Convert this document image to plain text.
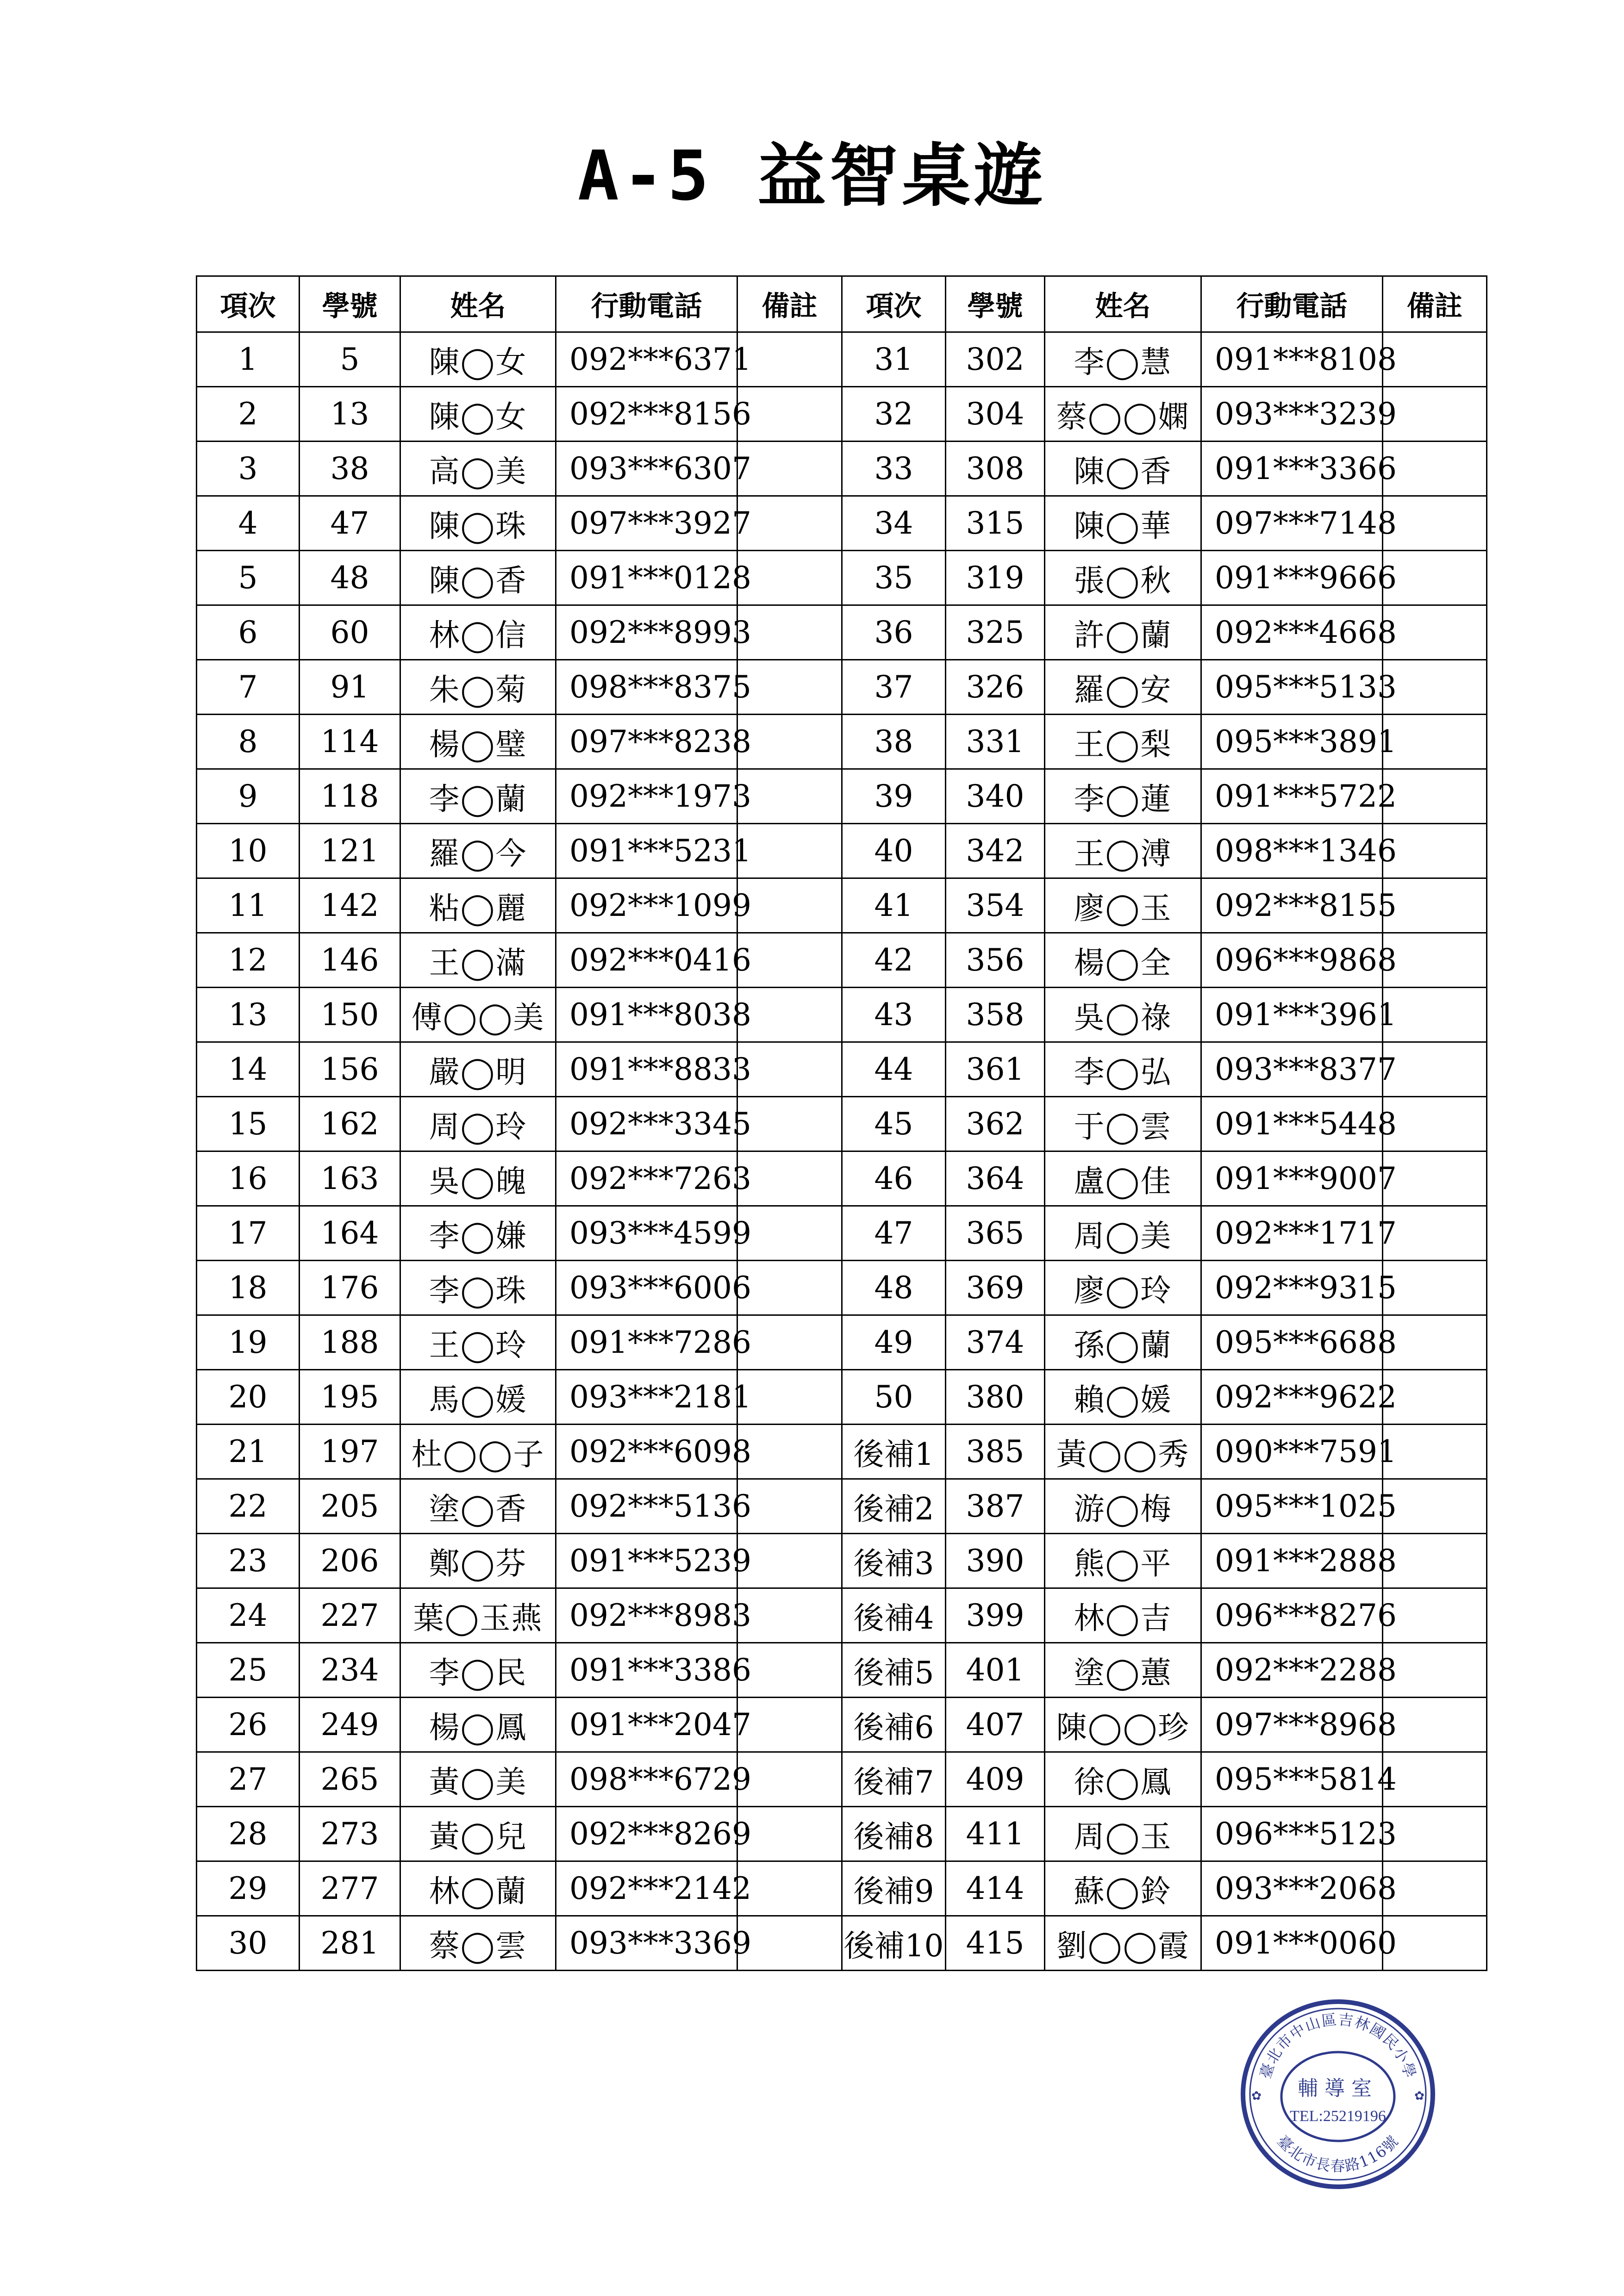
A-5 益智桌遊
項次	學號	姓名	行動電話	備註	項次	學號	姓名	行動電話	備註
1	5	陳◯女	092***6371		31	302	李◯慧	091***8108	
2	13	陳◯女	092***8156		32	304	蔡◯◯嫻	093***3239	
3	38	高◯美	093***6307		33	308	陳◯香	091***3366	
4	47	陳◯珠	097***3927		34	315	陳◯華	097***7148	
5	48	陳◯香	091***0128		35	319	張◯秋	091***9666	
6	60	林◯信	092***8993		36	325	許◯蘭	092***4668	
7	91	朱◯菊	098***8375		37	326	羅◯安	095***5133	
8	114	楊◯璧	097***8238		38	331	王◯梨	095***3891	
9	118	李◯蘭	092***1973		39	340	李◯蓮	091***5722	
10	121	羅◯今	091***5231		40	342	王◯溥	098***1346	
11	142	粘◯麗	092***1099		41	354	廖◯玉	092***8155	
12	146	王◯滿	092***0416		42	356	楊◯全	096***9868	
13	150	傅◯◯美	091***8038		43	358	吳◯祿	091***3961	
14	156	嚴◯明	091***8833		44	361	李◯弘	093***8377	
15	162	周◯玲	092***3345		45	362	于◯雲	091***5448	
16	163	吳◯魄	092***7263		46	364	盧◯佳	091***9007	
17	164	李◯嫌	093***4599		47	365	周◯美	092***1717	
18	176	李◯珠	093***6006		48	369	廖◯玲	092***9315	
19	188	王◯玲	091***7286		49	374	孫◯蘭	095***6688	
20	195	馬◯媛	093***2181		50	380	賴◯媛	092***9622	
21	197	杜◯◯子	092***6098		後補1	385	黃◯◯秀	090***7591	
22	205	塗◯香	092***5136		後補2	387	游◯梅	095***1025	
23	206	鄭◯芬	091***5239		後補3	390	熊◯平	091***2888	
24	227	葉◯玉燕	092***8983		後補4	399	林◯吉	096***8276	
25	234	李◯民	091***3386		後補5	401	塗◯蕙	092***2288	
26	249	楊◯鳳	091***2047		後補6	407	陳◯◯珍	097***8968	
27	265	黃◯美	098***6729		後補7	409	徐◯鳳	095***5814	
28	273	黃◯兒	092***8269		後補8	411	周◯玉	096***5123	
29	277	林◯蘭	092***2142		後補9	414	蘇◯鈴	093***2068	
30	281	蔡◯雲	093***3369		後補10	415	劉◯◯霞	091***0060	
臺北市中山區吉林國民小學
臺北市長春路116號
輔導室
TEL:25219196
✿	✿
